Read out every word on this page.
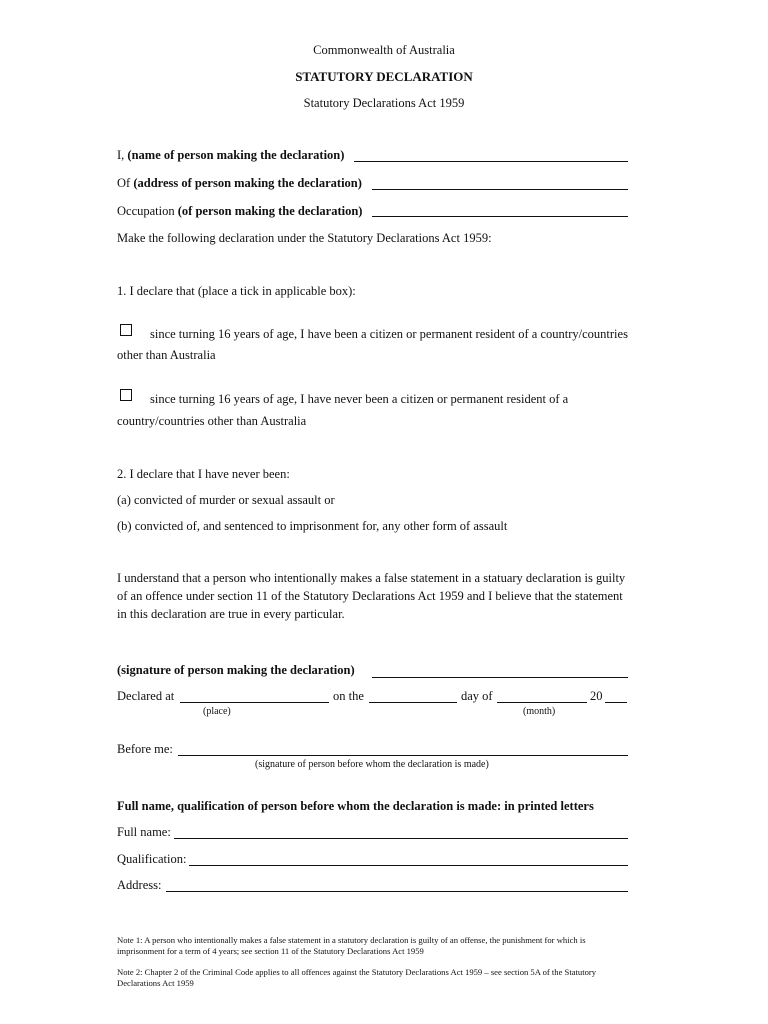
Commonwealth of Australia
STATUTORY DECLARATION
Statutory Declarations Act 1959
I, (name of person making the declaration)
Of (address of person making the declaration)
Occupation (of person making the declaration)
Make the following declaration under the Statutory Declarations Act 1959:
1. I declare that (place a tick in applicable box):
since turning 16 years of age, I have been a citizen or permanent resident of a country/countries
other than Australia
since turning 16 years of age, I have never been a citizen or permanent resident of a
country/countries other than Australia
2. I declare that I have never been:
(a) convicted of murder or sexual assault or
(b) convicted of, and sentenced to imprisonment for, any other form of assault
I understand that a person who intentionally makes a false statement in a statuary declaration is guilty
of an offence under section 11 of the Statutory Declarations Act 1959 and I believe that the statement
in this declaration are true in every particular.
(signature of person making the declaration)
Declared at	on the	day of	20
(place)	(month)
Before me:
(signature of person before whom the declaration is made)
Full name, qualification of person before whom the declaration is made: in printed letters
Full name:
Qualification:
Address:
Note 1: A person who intentionally makes a false statement in a statutory declaration is guilty of an offense, the punishment for which is
imprisonment for a term of 4 years; see section 11 of the Statutory Declarations Act 1959
Note 2: Chapter 2 of the Criminal Code applies to all offences against the Statutory Declarations Act 1959 – see section 5A of the Statutory
Declarations Act 1959
